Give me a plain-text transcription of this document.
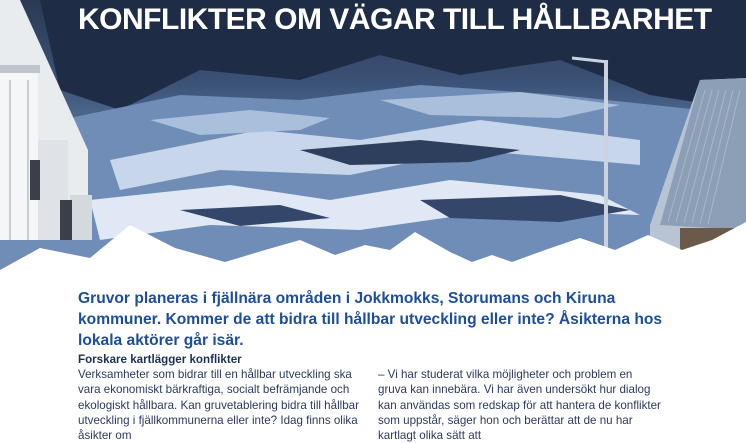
KONFLIKTER OM VÄGAR TILL HÅLLBARHET

Gruvor planeras i fjällnära områden i Jokkmokks, Storumans och Kiruna kommuner. Kommer de att bidra till hållbar utveckling eller inte? Åsikterna hos lokala aktörer går isär.

Forskare kartlägger konflikter

Verksamheter som bidrar till en hållbar utveckling ska vara ekonomiskt bärkraftiga, socialt befrämjande och ekologiskt hållbara. Kan gruvetablering bidra till hållbar utveckling i fjällkommunerna eller inte? Idag finns olika åsikter om

– Vi har studerat vilka möjligheter och problem en gruva kan innebära. Vi har även undersökt hur dialog kan användas som redskap för att hantera de konflikter som uppstår, säger hon och berättar att de nu har kartlagt olika sätt att
